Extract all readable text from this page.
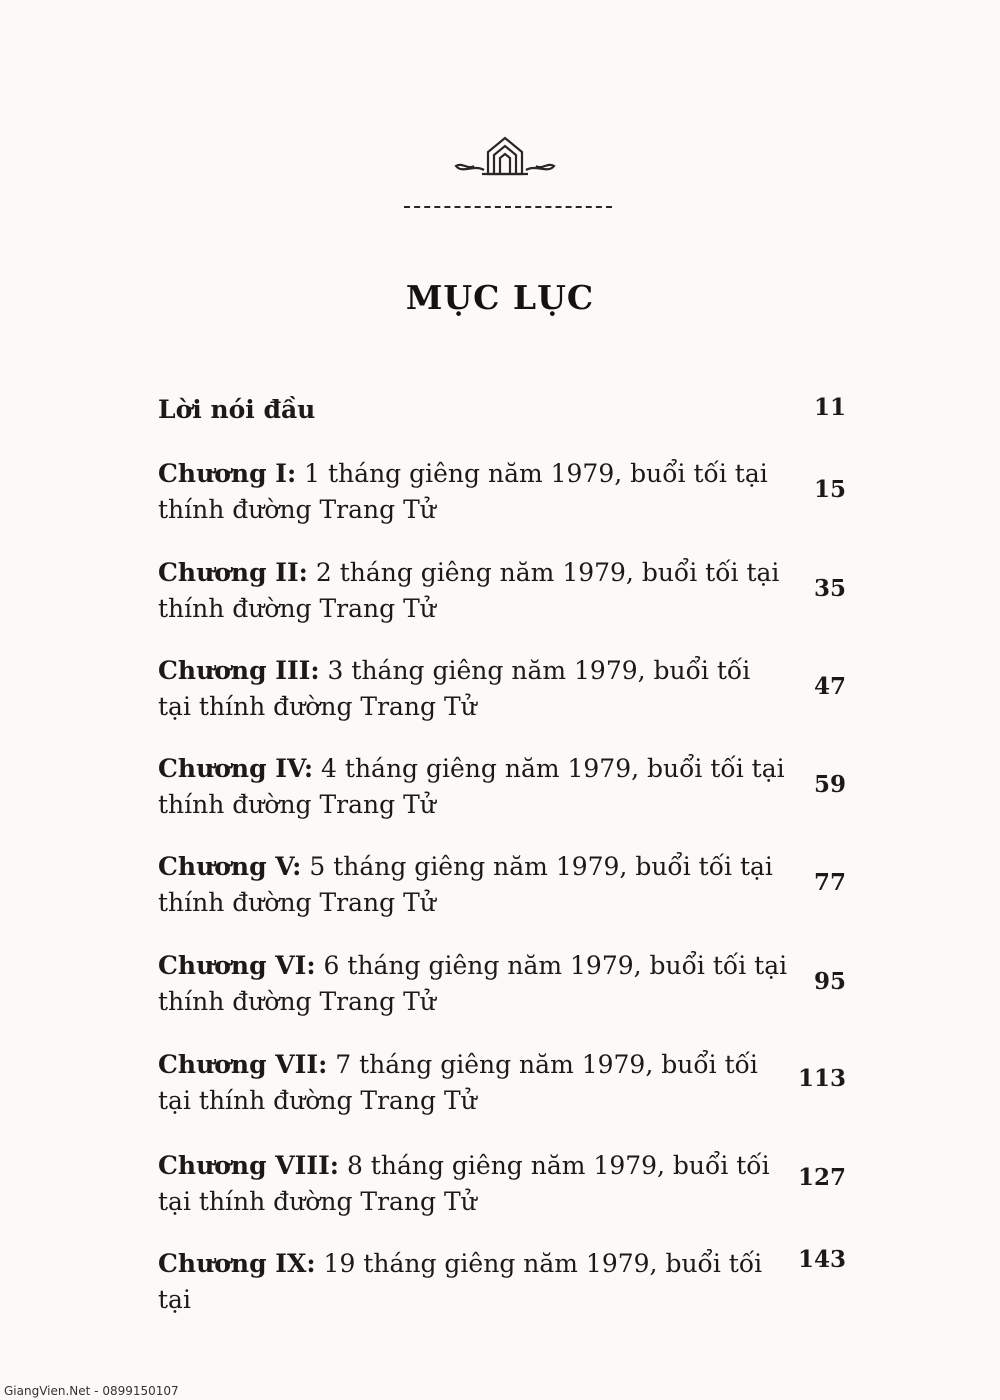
MỤC LỤC
Lời nói đầu	11
Chương I: 1 tháng giêng năm 1979, buổi tối tại thính đường Trang Tử
15
Chương II: 2 tháng giêng năm 1979, buổi tối tại thính đường Trang Tử
35
Chương III: 3 tháng giêng năm 1979, buổi tối tại thính đường Trang Tử
47
Chương IV: 4 tháng giêng năm 1979, buổi tối tại thính đường Trang Tử
59
Chương V: 5 tháng giêng năm 1979, buổi tối tại thính đường Trang Tử
77
Chương VI: 6 tháng giêng năm 1979, buổi tối tại thính đường Trang Tử
95
Chương VII: 7 tháng giêng năm 1979, buổi tối tại thính đường Trang Tử
113
Chương VIII: 8 tháng giêng năm 1979, buổi tối tại thính đường Trang Tử
127
Chương IX: 19 tháng giêng năm 1979, buổi tối tại
143
GiangVien.Net - 0899150107
